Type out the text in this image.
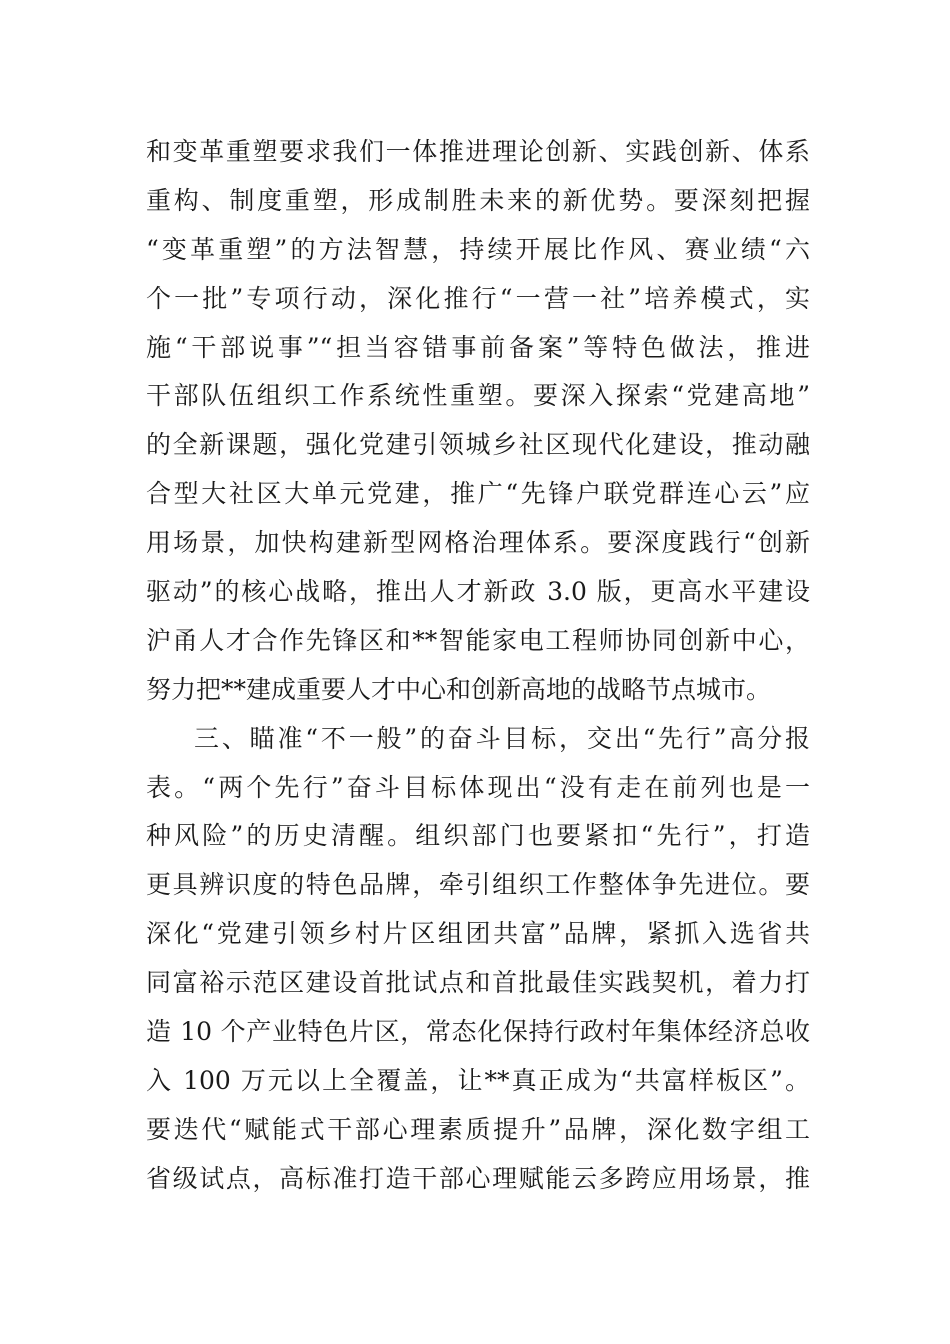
和变革重塑要求我们一体推进理论创新、实践创新、体系
重构、制度重塑，形成制胜未来的新优势。要深刻把握
“变革重塑”的方法智慧，持续开展比作风、赛业绩“六
个一批”专项行动，深化推行“一营一社”培养模式，实
施“干部说事”“担当容错事前备案”等特色做法，推进
干部队伍组织工作系统性重塑。要深入探索“党建高地”
的全新课题，强化党建引领城乡社区现代化建设，推动融
合型大社区大单元党建，推广“先锋户联党群连心云”应
用场景，加快构建新型网格治理体系。要深度践行“创新
驱动”的核心战略，推出人才新政 3.0 版，更高水平建设
沪甬人才合作先锋区和**智能家电工程师协同创新中心，
努力把**建成重要人才中心和创新高地的战略节点城市。
三、瞄准“不一般”的奋斗目标，交出“先行”高分报
表。“两个先行”奋斗目标体现出“没有走在前列也是一
种风险”的历史清醒。组织部门也要紧扣“先行”，打造
更具辨识度的特色品牌，牵引组织工作整体争先进位。要
深化“党建引领乡村片区组团共富”品牌，紧抓入选省共
同富裕示范区建设首批试点和首批最佳实践契机，着力打
造 10 个产业特色片区，常态化保持行政村年集体经济总收
入 100 万元以上全覆盖，让**真正成为“共富样板区”。
要迭代“赋能式干部心理素质提升”品牌，深化数字组工
省级试点，高标准打造干部心理赋能云多跨应用场景，推
